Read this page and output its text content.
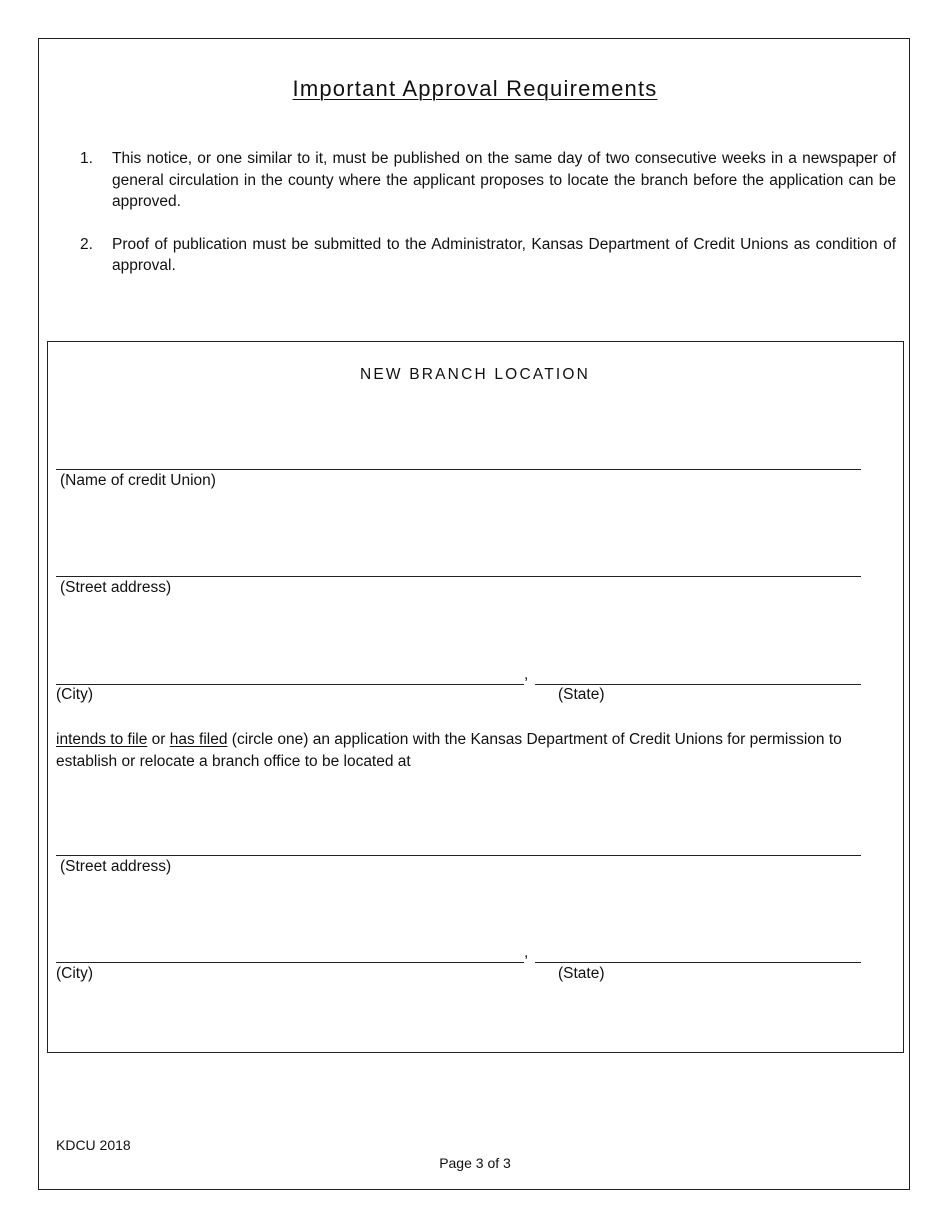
Important Approval Requirements
1.	This notice, or one similar to it, must be published on the same day of two consecutive weeks in a newspaper of general circulation in the county where the applicant proposes to locate the branch before the application can be approved.
2.	Proof of publication must be submitted to the Administrator, Kansas Department of Credit Unions as condition of approval.
NEW BRANCH LOCATION
(Name of credit Union)
(Street address)
,
(City)	(State)
intends to file or has filed (circle one) an application with the Kansas Department of Credit Unions for permission to establish or relocate a branch office to be located at
(Street address)
,
(City)	(State)
KDCU 2018
Page 3 of 3
